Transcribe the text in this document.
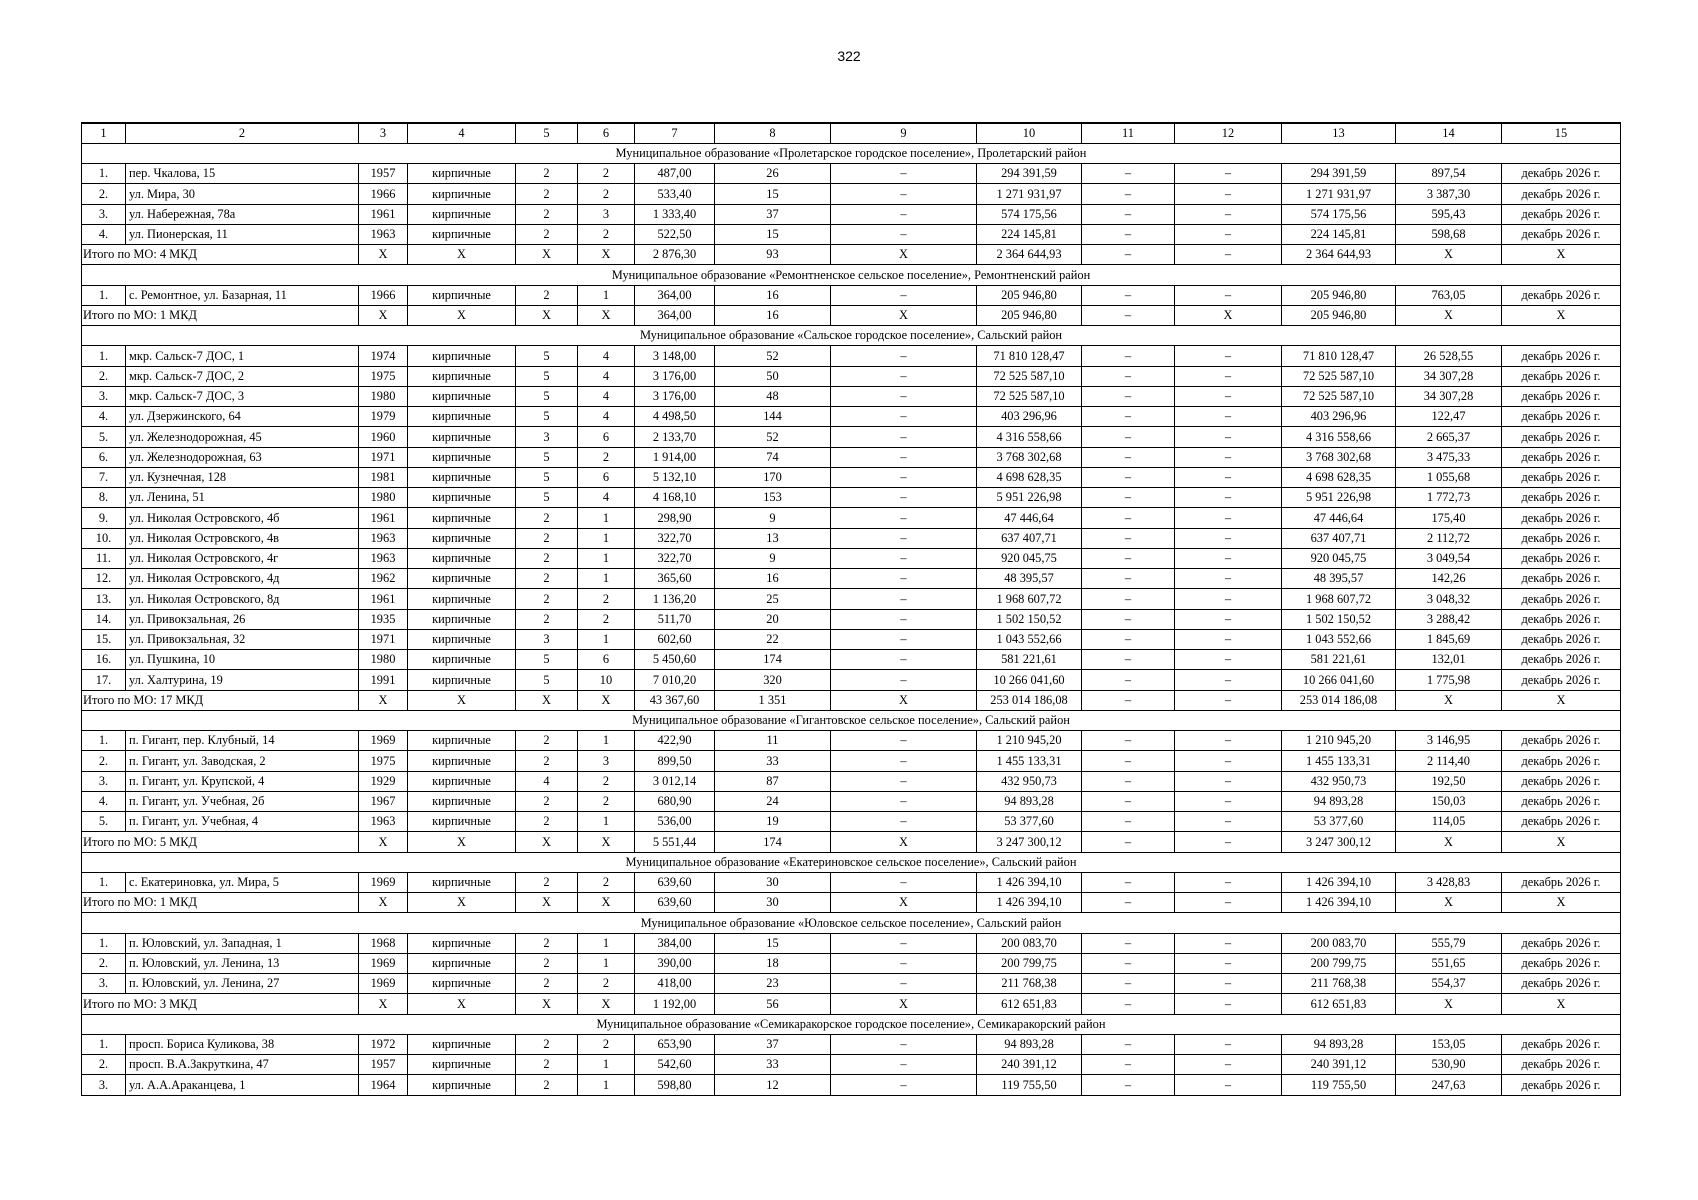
322
1	2	3	4	5	6	7	8	9	10	11	12	13	14	15
Муниципальное образование «Пролетарское городское поселение», Пролетарский район														
1.	пер. Чкалова, 15	1957	кирпичные	2	2	487,00	26	–	294 391,59	–	–	294 391,59	897,54	декабрь 2026 г.
2.	ул. Мира, 30	1966	кирпичные	2	2	533,40	15	–	1 271 931,97	–	–	1 271 931,97	3 387,30	декабрь 2026 г.
3.	ул. Набережная, 78а	1961	кирпичные	2	3	1 333,40	37	–	574 175,56	–	–	574 175,56	595,43	декабрь 2026 г.
4.	ул. Пионерская, 11	1963	кирпичные	2	2	522,50	15	–	224 145,81	–	–	224 145,81	598,68	декабрь 2026 г.
Итого по МО: 4 МКД		X	X	X	X	2 876,30	93	X	2 364 644,93	–	–	2 364 644,93	X	X
Муниципальное образование «Ремонтненское сельское поселение», Ремонтненский район														
1.	с. Ремонтное, ул. Базарная, 11	1966	кирпичные	2	1	364,00	16	–	205 946,80	–	–	205 946,80	763,05	декабрь 2026 г.
Итого по МО: 1 МКД		X	X	X	X	364,00	16	X	205 946,80	–	X	205 946,80	X	X
Муниципальное образование «Сальское городское поселение», Сальский район														
1.	мкр. Сальск-7 ДОС, 1	1974	кирпичные	5	4	3 148,00	52	–	71 810 128,47	–	–	71 810 128,47	26 528,55	декабрь 2026 г.
2.	мкр. Сальск-7 ДОС, 2	1975	кирпичные	5	4	3 176,00	50	–	72 525 587,10	–	–	72 525 587,10	34 307,28	декабрь 2026 г.
3.	мкр. Сальск-7 ДОС, 3	1980	кирпичные	5	4	3 176,00	48	–	72 525 587,10	–	–	72 525 587,10	34 307,28	декабрь 2026 г.
4.	ул. Дзержинского, 64	1979	кирпичные	5	4	4 498,50	144	–	403 296,96	–	–	403 296,96	122,47	декабрь 2026 г.
5.	ул. Железнодорожная, 45	1960	кирпичные	3	6	2 133,70	52	–	4 316 558,66	–	–	4 316 558,66	2 665,37	декабрь 2026 г.
6.	ул. Железнодорожная, 63	1971	кирпичные	5	2	1 914,00	74	–	3 768 302,68	–	–	3 768 302,68	3 475,33	декабрь 2026 г.
7.	ул. Кузнечная, 128	1981	кирпичные	5	6	5 132,10	170	–	4 698 628,35	–	–	4 698 628,35	1 055,68	декабрь 2026 г.
8.	ул. Ленина, 51	1980	кирпичные	5	4	4 168,10	153	–	5 951 226,98	–	–	5 951 226,98	1 772,73	декабрь 2026 г.
9.	ул. Николая Островского, 4б	1961	кирпичные	2	1	298,90	9	–	47 446,64	–	–	47 446,64	175,40	декабрь 2026 г.
10.	ул. Николая Островского, 4в	1963	кирпичные	2	1	322,70	13	–	637 407,71	–	–	637 407,71	2 112,72	декабрь 2026 г.
11.	ул. Николая Островского, 4г	1963	кирпичные	2	1	322,70	9	–	920 045,75	–	–	920 045,75	3 049,54	декабрь 2026 г.
12.	ул. Николая Островского, 4д	1962	кирпичные	2	1	365,60	16	–	48 395,57	–	–	48 395,57	142,26	декабрь 2026 г.
13.	ул. Николая Островского, 8д	1961	кирпичные	2	2	1 136,20	25	–	1 968 607,72	–	–	1 968 607,72	3 048,32	декабрь 2026 г.
14.	ул. Привокзальная, 26	1935	кирпичные	2	2	511,70	20	–	1 502 150,52	–	–	1 502 150,52	3 288,42	декабрь 2026 г.
15.	ул. Привокзальная, 32	1971	кирпичные	3	1	602,60	22	–	1 043 552,66	–	–	1 043 552,66	1 845,69	декабрь 2026 г.
16.	ул. Пушкина, 10	1980	кирпичные	5	6	5 450,60	174	–	581 221,61	–	–	581 221,61	132,01	декабрь 2026 г.
17.	ул. Халтурина, 19	1991	кирпичные	5	10	7 010,20	320	–	10 266 041,60	–	–	10 266 041,60	1 775,98	декабрь 2026 г.
Итого по МО: 17 МКД		X	X	X	X	43 367,60	1 351	X	253 014 186,08	–	–	253 014 186,08	X	X
Муниципальное образование «Гигантовское сельское поселение», Сальский район														
1.	п. Гигант, пер. Клубный, 14	1969	кирпичные	2	1	422,90	11	–	1 210 945,20	–	–	1 210 945,20	3 146,95	декабрь 2026 г.
2.	п. Гигант, ул. Заводская, 2	1975	кирпичные	2	3	899,50	33	–	1 455 133,31	–	–	1 455 133,31	2 114,40	декабрь 2026 г.
3.	п. Гигант, ул. Крупской, 4	1929	кирпичные	4	2	3 012,14	87	–	432 950,73	–	–	432 950,73	192,50	декабрь 2026 г.
4.	п. Гигант, ул. Учебная, 2б	1967	кирпичные	2	2	680,90	24	–	94 893,28	–	–	94 893,28	150,03	декабрь 2026 г.
5.	п. Гигант, ул. Учебная, 4	1963	кирпичные	2	1	536,00	19	–	53 377,60	–	–	53 377,60	114,05	декабрь 2026 г.
Итого по МО: 5 МКД		X	X	X	X	5 551,44	174	X	3 247 300,12	–	–	3 247 300,12	X	X
Муниципальное образование «Екатериновское сельское поселение», Сальский район														
1.	с. Екатериновка, ул. Мира, 5	1969	кирпичные	2	2	639,60	30	–	1 426 394,10	–	–	1 426 394,10	3 428,83	декабрь 2026 г.
Итого по МО: 1 МКД		X	X	X	X	639,60	30	X	1 426 394,10	–	–	1 426 394,10	X	X
Муниципальное образование «Юловское сельское поселение», Сальский район														
1.	п. Юловский, ул. Западная, 1	1968	кирпичные	2	1	384,00	15	–	200 083,70	–	–	200 083,70	555,79	декабрь 2026 г.
2.	п. Юловский, ул. Ленина, 13	1969	кирпичные	2	1	390,00	18	–	200 799,75	–	–	200 799,75	551,65	декабрь 2026 г.
3.	п. Юловский, ул. Ленина, 27	1969	кирпичные	2	2	418,00	23	–	211 768,38	–	–	211 768,38	554,37	декабрь 2026 г.
Итого по МО: 3 МКД		X	X	X	X	1 192,00	56	X	612 651,83	–	–	612 651,83	X	X
Муниципальное образование «Семикаракорское городское поселение», Семикаракорский район														
1.	просп. Бориса Куликова, 38	1972	кирпичные	2	2	653,90	37	–	94 893,28	–	–	94 893,28	153,05	декабрь 2026 г.
2.	просп. В.А.Закруткина, 47	1957	кирпичные	2	1	542,60	33	–	240 391,12	–	–	240 391,12	530,90	декабрь 2026 г.
3.	ул. А.А.Араканцева, 1	1964	кирпичные	2	1	598,80	12	–	119 755,50	–	–	119 755,50	247,63	декабрь 2026 г.
